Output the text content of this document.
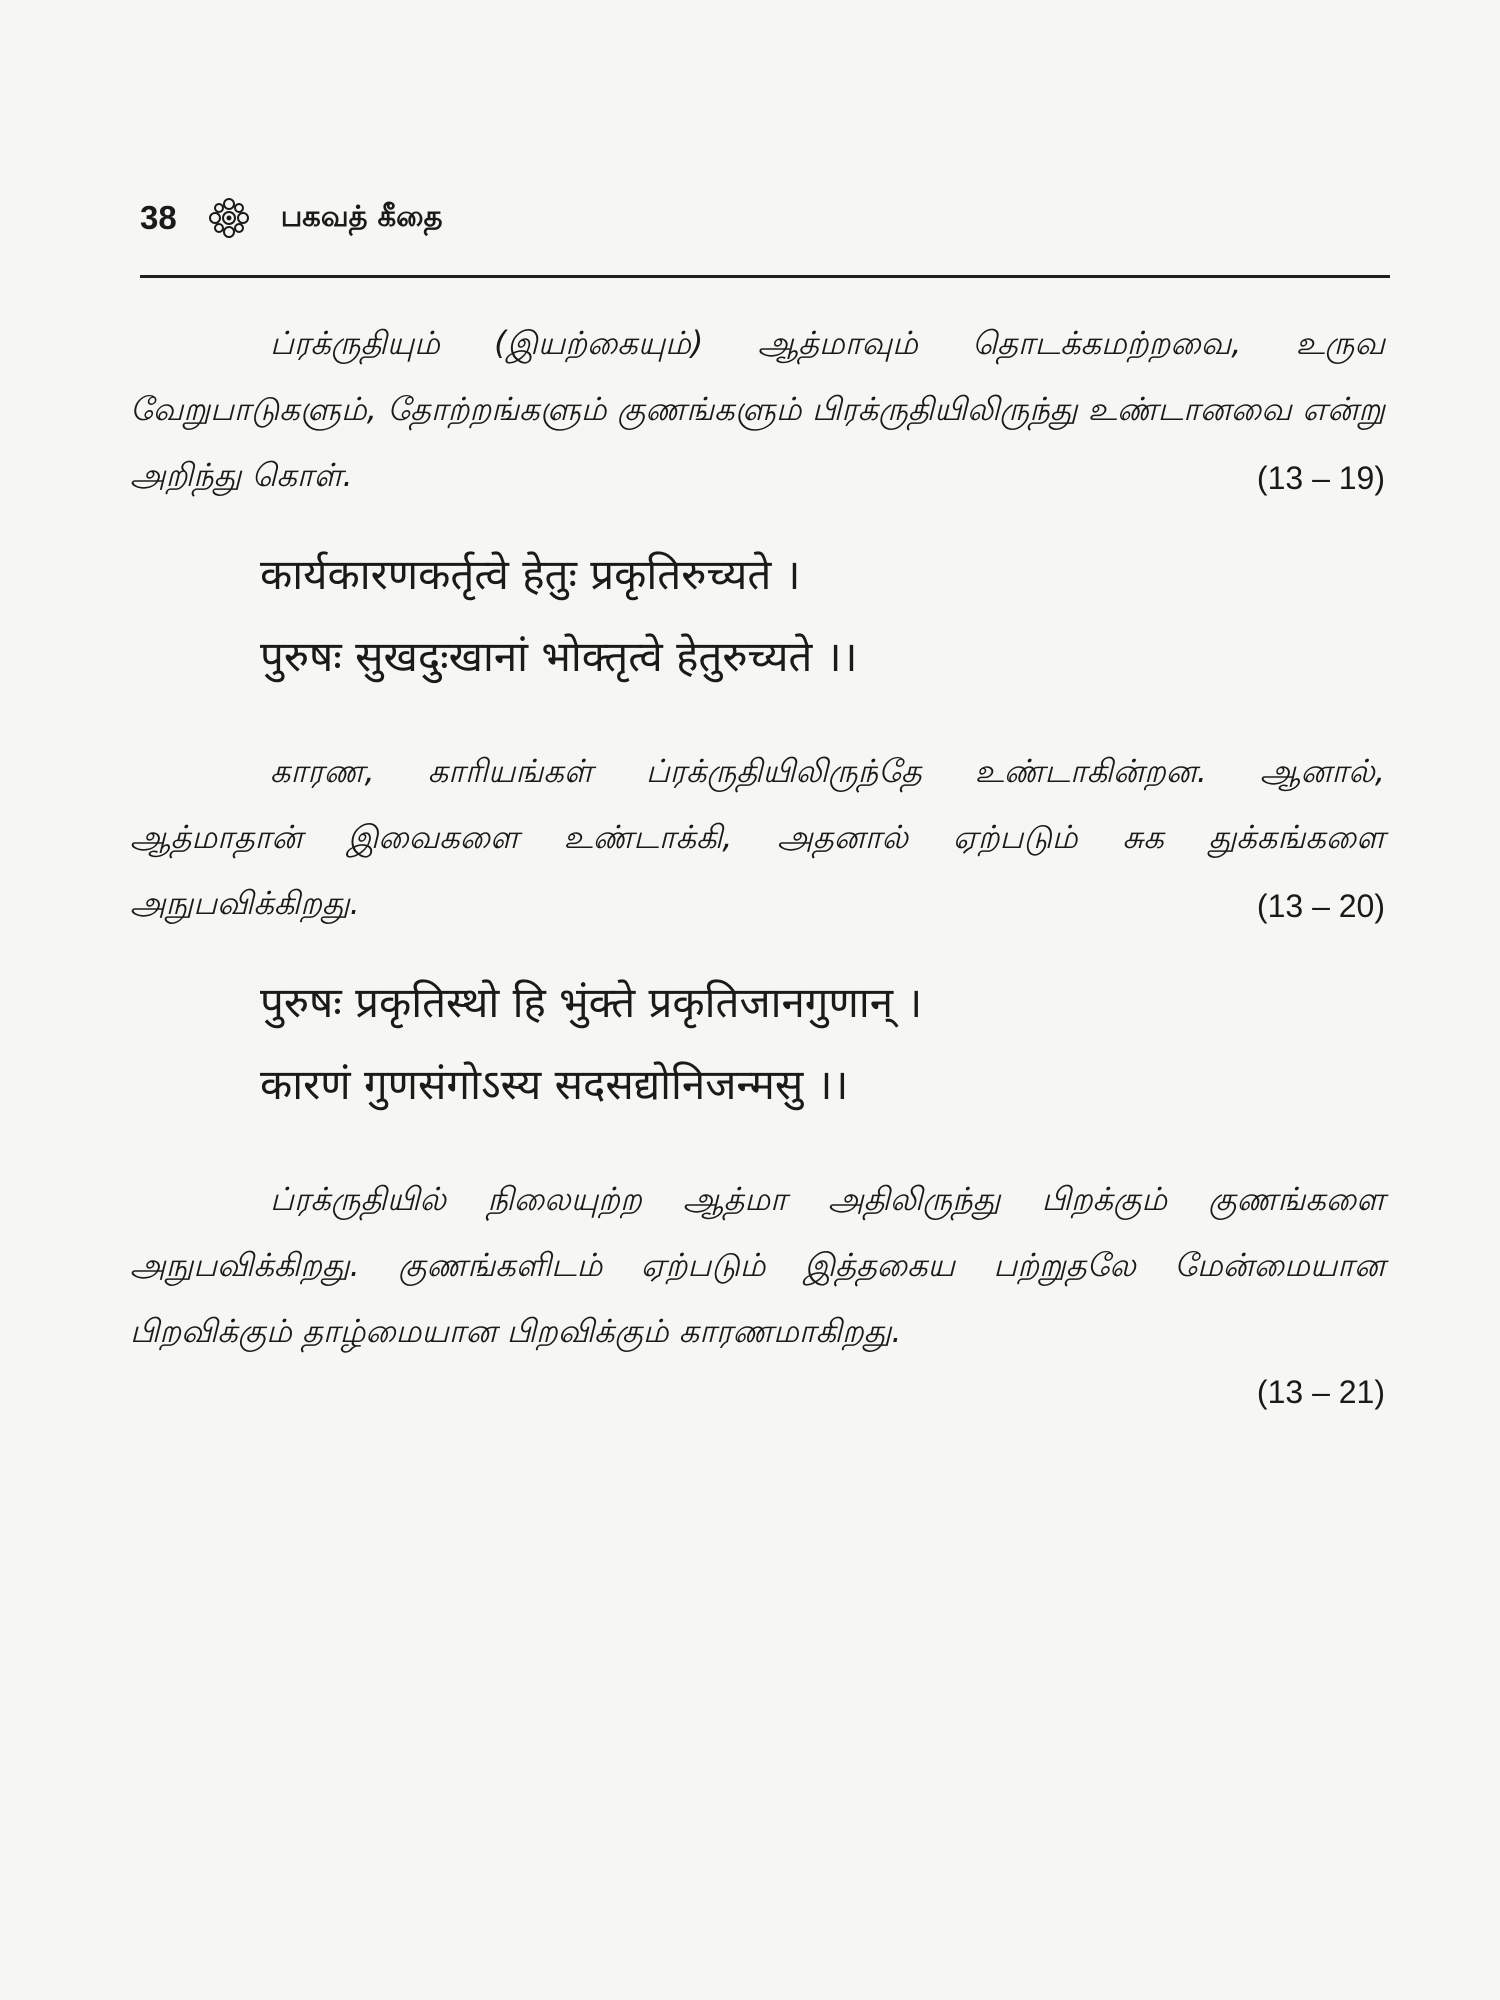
38	பகவத் கீதை

ப்ரக்ருதியும் (இயற்கையும்) ஆத்மாவும் தொடக்கமற்றவை, உருவ வேறுபாடுகளும், தோற்றங்களும் குணங்களும் பிரக்ருதியிலிருந்து உண்டானவை என்று அறிந்து கொள்.	(13 – 19)

कार्यकारणकर्तृत्वे हेतुः प्रकृतिरुच्यते ।
पुरुषः सुखदुःखानां भोक्तृत्वे हेतुरुच्यते ।।

காரண, காரியங்கள் ப்ரக்ருதியிலிருந்தே உண்டாகின்றன. ஆனால், ஆத்மாதான் இவைகளை உண்டாக்கி, அதனால் ஏற்படும் சுக துக்கங்களை அநுபவிக்கிறது.	(13 – 20)

पुरुषः प्रकृतिस्थो हि भुंक्ते प्रकृतिजानगुणान् ।
कारणं गुणसंगोऽस्य सदसद्योनिजन्मसु ।।

ப்ரக்ருதியில் நிலையுற்ற ஆத்மா அதிலிருந்து பிறக்கும் குணங்களை அநுபவிக்கிறது. குணங்களிடம் ஏற்படும் இத்தகைய பற்றுதலே மேன்மையான பிறவிக்கும் தாழ்மையான பிறவிக்கும் காரணமாகிறது.

(13 – 21)
